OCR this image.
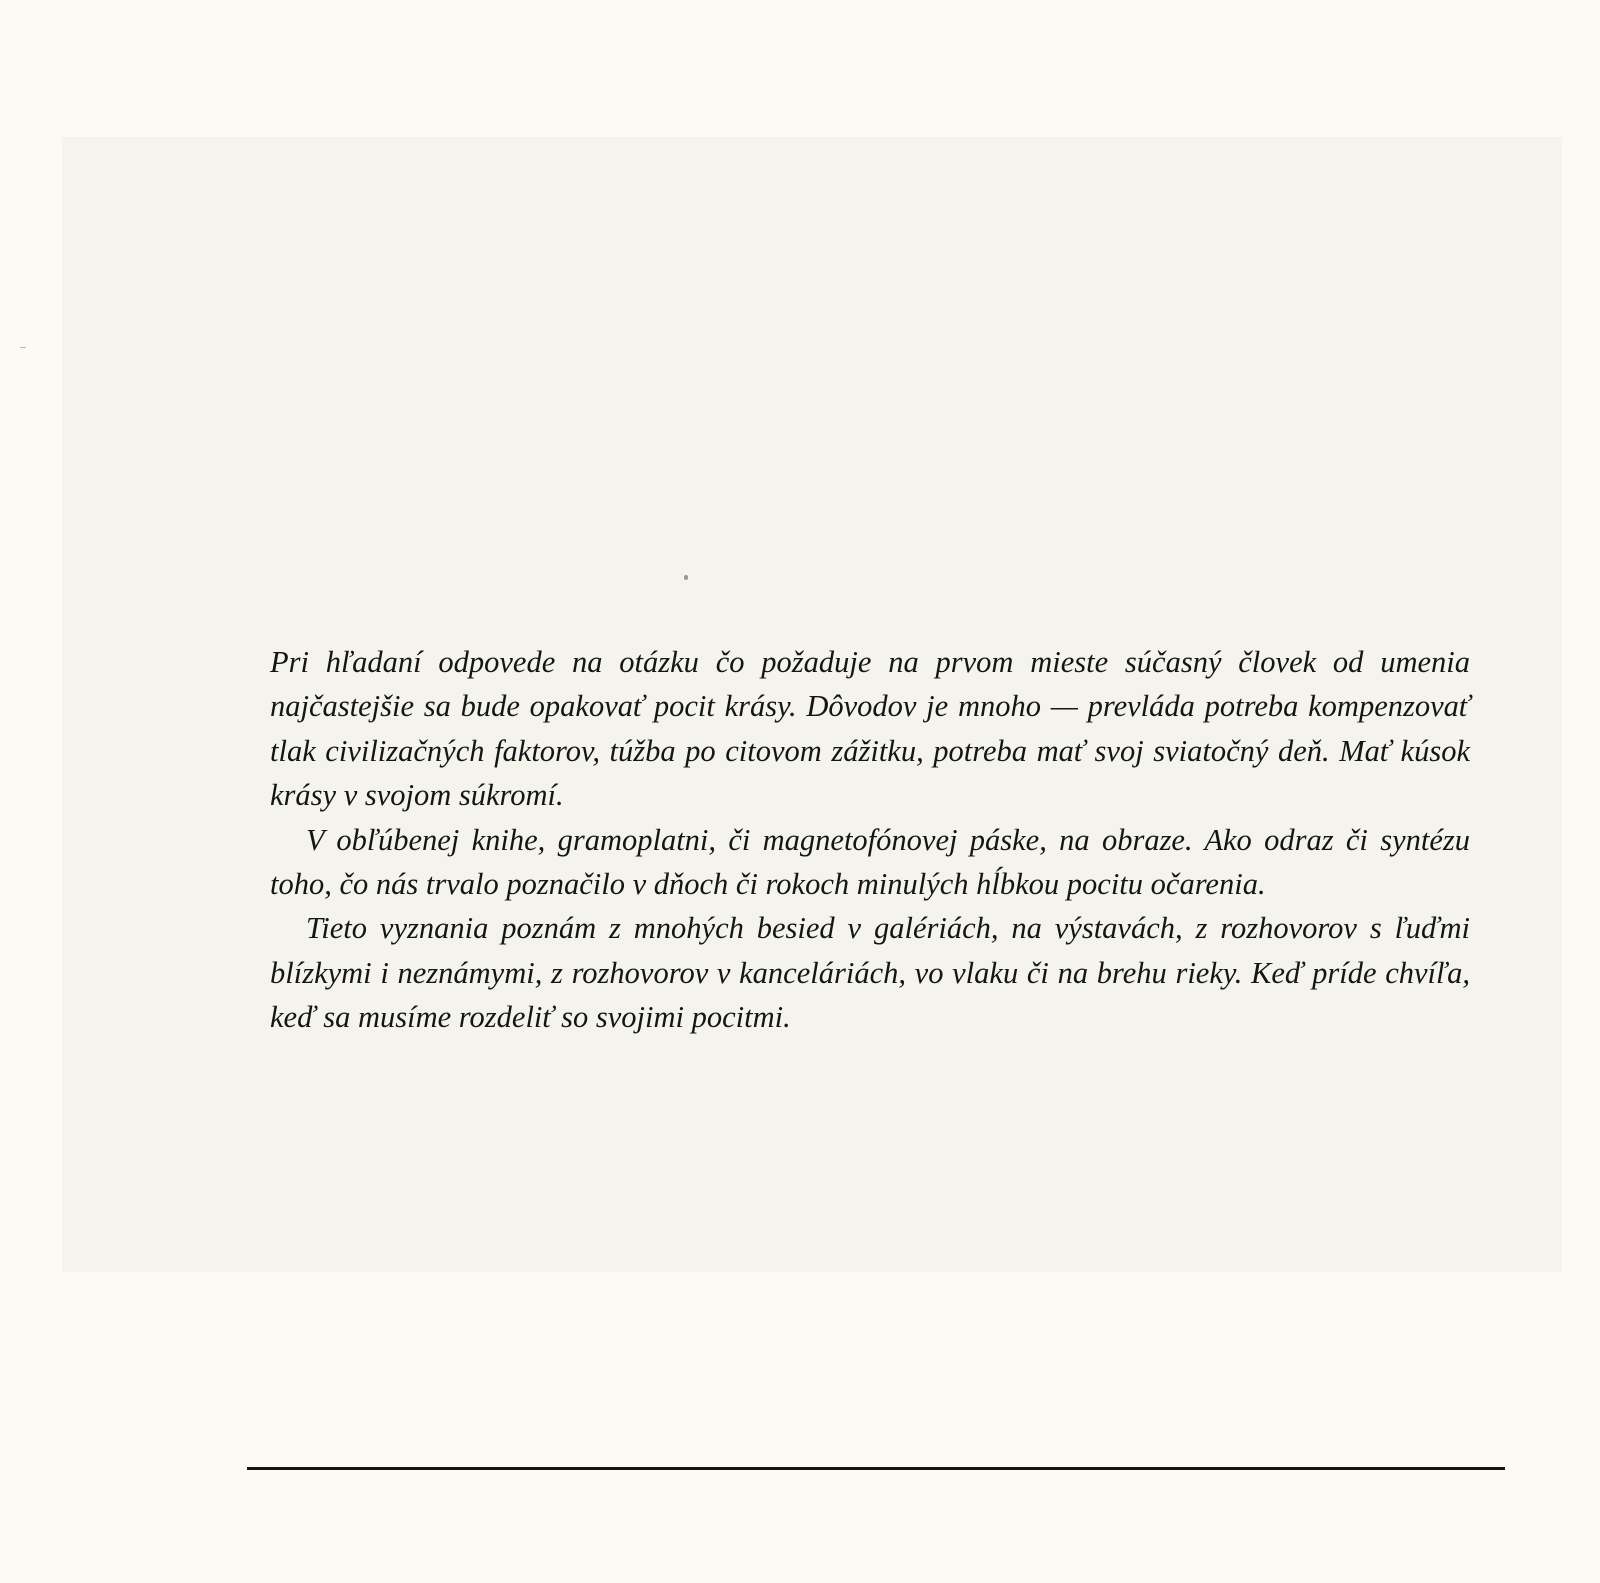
Pri hľadaní odpovede na otázku čo požaduje na prvom mieste súčasný človek od umenia najčastejšie sa bude opakovať pocit krásy. Dôvodov je mnoho — prevláda potreba kompenzovať tlak civilizačných faktorov, túžba po citovom zážitku, potreba mať svoj sviatočný deň. Mať kúsok krásy v svojom súkromí.

V obľúbenej knihe, gramoplatni, či magnetofónovej páske, na obraze. Ako odraz či syntézu toho, čo nás trvalo poznačilo v dňoch či rokoch minulých hĺbkou pocitu očarenia.

Tieto vyznania poznám z mnohých besied v galériách, na výstavách, z rozhovorov s ľuďmi blízkymi i neznámymi, z rozhovorov v kanceláriách, vo vlaku či na brehu rieky. Keď príde chvíľa, keď sa musíme rozdeliť so svojimi pocitmi.
